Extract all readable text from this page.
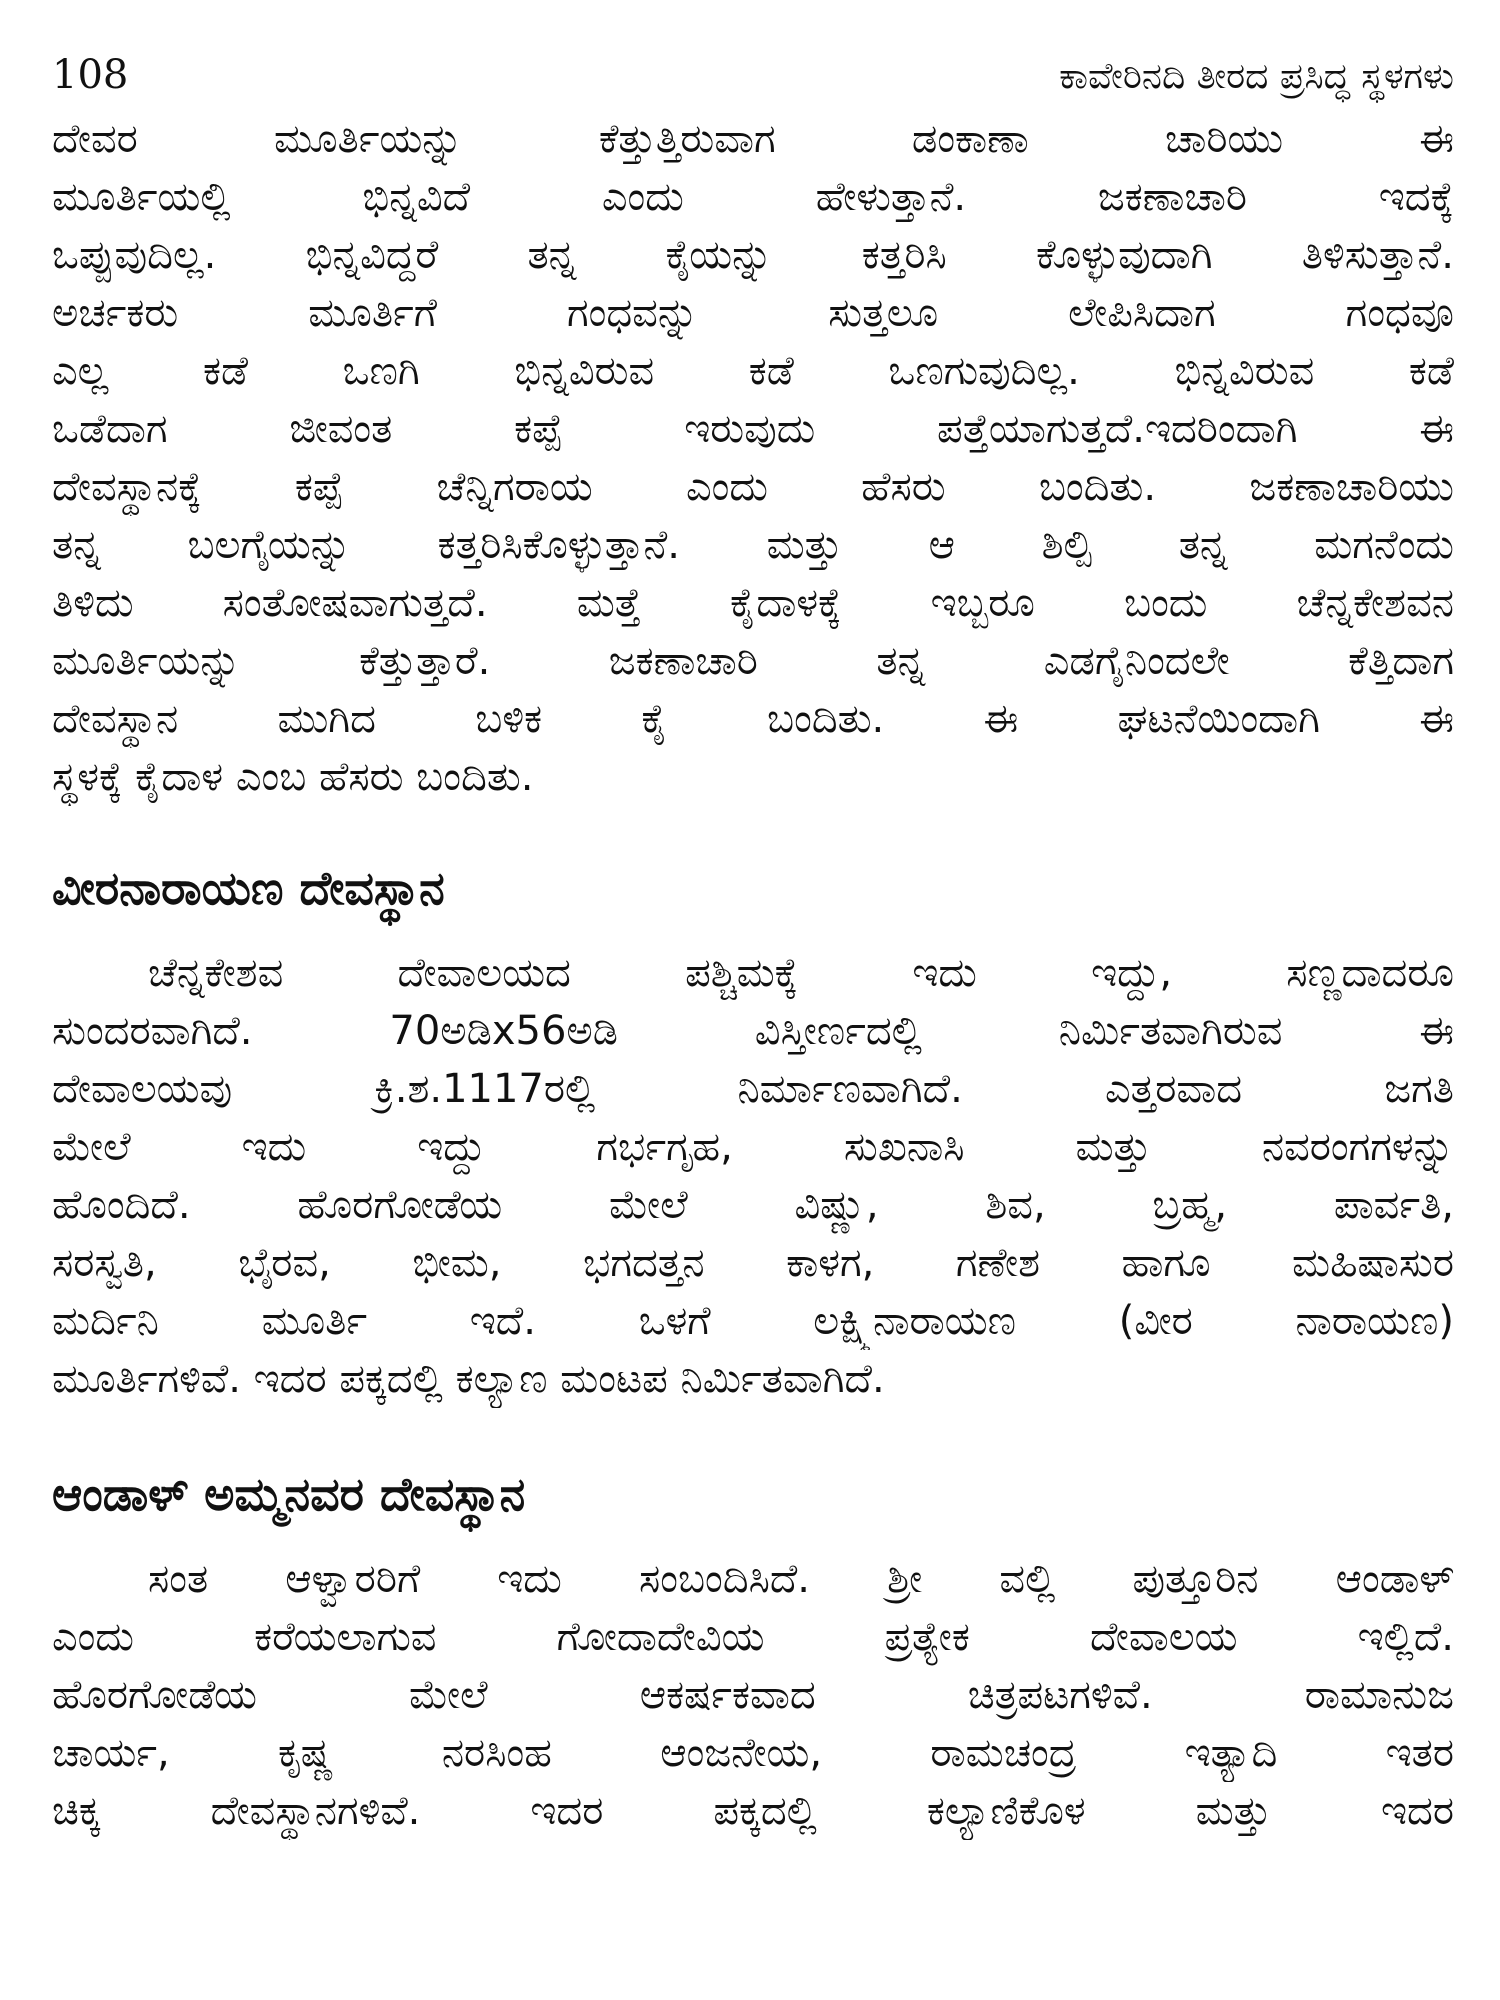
108	ಕಾವೇರಿನದಿ ತೀರದ ಪ್ರಸಿದ್ಧ ಸ್ಥಳಗಳು
ದೇವರ ಮೂರ್ತಿಯನ್ನು ಕೆತ್ತುತ್ತಿರುವಾಗ ಡಂಕಾಣಾ ಚಾರಿಯು ಈ
ಮೂರ್ತಿಯಲ್ಲಿ ಭಿನ್ನವಿದೆ ಎಂದು ಹೇಳುತ್ತಾನೆ. ಜಕಣಾಚಾರಿ ಇದಕ್ಕೆ
ಒಪ್ಪುವುದಿಲ್ಲ. ಭಿನ್ನವಿದ್ದರೆ ತನ್ನ ಕೈಯನ್ನು ಕತ್ತರಿಸಿ ಕೊಳ್ಳುವುದಾಗಿ ತಿಳಿಸುತ್ತಾನೆ.
ಅರ್ಚಕರು ಮೂರ್ತಿಗೆ ಗಂಧವನ್ನು ಸುತ್ತಲೂ ಲೇಪಿಸಿದಾಗ ಗಂಧವೂ
ಎಲ್ಲ ಕಡೆ ಒಣಗಿ ಭಿನ್ನವಿರುವ ಕಡೆ ಒಣಗುವುದಿಲ್ಲ. ಭಿನ್ನವಿರುವ ಕಡೆ
ಒಡೆದಾಗ ಜೀವಂತ ಕಪ್ಪೆ ಇರುವುದು ಪತ್ತೆಯಾಗುತ್ತದೆ.ಇದರಿಂದಾಗಿ ಈ
ದೇವಸ್ಥಾನಕ್ಕೆ ಕಪ್ಪೆ ಚೆನ್ನಿಗರಾಯ ಎಂದು ಹೆಸರು ಬಂದಿತು. ಜಕಣಾಚಾರಿಯು
ತನ್ನ ಬಲಗೈಯನ್ನು ಕತ್ತರಿಸಿಕೊಳ್ಳುತ್ತಾನೆ. ಮತ್ತು ಆ ಶಿಲ್ಪಿ ತನ್ನ ಮಗನೆಂದು
ತಿಳಿದು ಸಂತೋಷವಾಗುತ್ತದೆ. ಮತ್ತೆ ಕೈದಾಳಕ್ಕೆ ಇಬ್ಬರೂ ಬಂದು ಚೆನ್ನಕೇಶವನ
ಮೂರ್ತಿಯನ್ನು ಕೆತ್ತುತ್ತಾರೆ. ಜಕಣಾಚಾರಿ ತನ್ನ ಎಡಗೈನಿಂದಲೇ ಕೆತ್ತಿದಾಗ
ದೇವಸ್ಥಾನ ಮುಗಿದ ಬಳಿಕ ಕೈ ಬಂದಿತು. ಈ ಘಟನೆಯಿಂದಾಗಿ ಈ
ಸ್ಥಳಕ್ಕೆ ಕೈದಾಳ ಎಂಬ ಹೆಸರು ಬಂದಿತು.
ವೀರನಾರಾಯಣ ದೇವಸ್ಥಾನ
ಚೆನ್ನಕೇಶವ ದೇವಾಲಯದ ಪಶ್ಚಿಮಕ್ಕೆ ಇದು ಇದ್ದು, ಸಣ್ಣದಾದರೂ
ಸುಂದರವಾಗಿದೆ. 70ಅಡಿx56ಅಡಿ ವಿಸ್ತೀರ್ಣದಲ್ಲಿ ನಿರ್ಮಿತವಾಗಿರುವ ಈ
ದೇವಾಲಯವು ಕ್ರಿ.ಶ.1117ರಲ್ಲಿ ನಿರ್ಮಾಣವಾಗಿದೆ. ಎತ್ತರವಾದ ಜಗತಿ
ಮೇಲೆ ಇದು ಇದ್ದು ಗರ್ಭಗೃಹ, ಸುಖನಾಸಿ ಮತ್ತು ನವರಂಗಗಳನ್ನು
ಹೊಂದಿದೆ. ಹೊರಗೋಡೆಯ ಮೇಲೆ ವಿಷ್ಣು, ಶಿವ, ಬ್ರಹ್ಮ, ಪಾರ್ವತಿ,
ಸರಸ್ವತಿ, ಭೈರವ, ಭೀಮ, ಭಗದತ್ತನ ಕಾಳಗ, ಗಣೇಶ ಹಾಗೂ ಮಹಿಷಾಸುರ
ಮರ್ದಿನಿ ಮೂರ್ತಿ ಇದೆ. ಒಳಗೆ ಲಕ್ಷ್ಮಿನಾರಾಯಣ (ವೀರ ನಾರಾಯಣ)
ಮೂರ್ತಿಗಳಿವೆ. ಇದರ ಪಕ್ಕದಲ್ಲಿ ಕಲ್ಯಾಣ ಮಂಟಪ ನಿರ್ಮಿತವಾಗಿದೆ.
ಆಂಡಾಳ್ ಅಮ್ಮನವರ ದೇವಸ್ಥಾನ
ಸಂತ ಆಳ್ವಾರರಿಗೆ ಇದು ಸಂಬಂದಿಸಿದೆ. ಶ್ರೀ ವಲ್ಲಿ ಪುತ್ತೂರಿನ ಆಂಡಾಳ್
ಎಂದು ಕರೆಯಲಾಗುವ ಗೋದಾದೇವಿಯ ಪ್ರತ್ಯೇಕ ದೇವಾಲಯ ಇಲ್ಲಿದೆ.
ಹೊರಗೋಡೆಯ ಮೇಲೆ ಆಕರ್ಷಕವಾದ ಚಿತ್ರಪಟಗಳಿವೆ. ರಾಮಾನುಜ
ಚಾರ್ಯ, ಕೃಷ್ಣ ನರಸಿಂಹ ಆಂಜನೇಯ, ರಾಮಚಂದ್ರ ಇತ್ಯಾದಿ ಇತರ
ಚಿಕ್ಕ ದೇವಸ್ಥಾನಗಳಿವೆ. ಇದರ ಪಕ್ಕದಲ್ಲಿ ಕಲ್ಯಾಣಿಕೊಳ ಮತ್ತು ಇದರ
